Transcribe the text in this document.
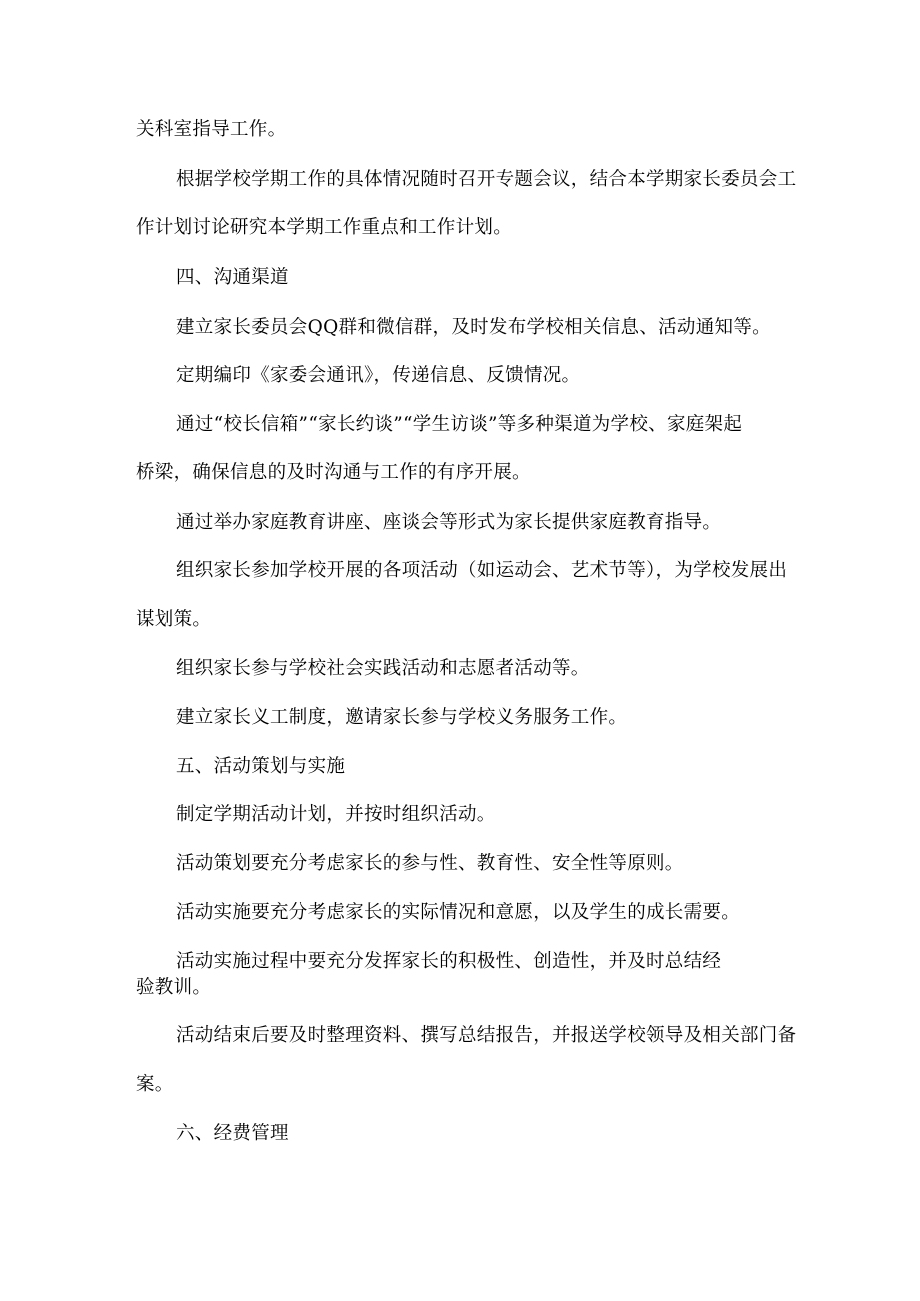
关科室指导工作。
根据学校学期工作的具体情况随时召开专题会议，结合本学期家长委员会工
作计划讨论研究本学期工作重点和工作计划。
四、沟通渠道
建立家长委员会QQ群和微信群，及时发布学校相关信息、活动通知等。
定期编印《家委会通讯》，传递信息、反馈情况。
通过“校长信箱”“家长约谈”“学生访谈”等多种渠道为学校、家庭架起
桥梁，确保信息的及时沟通与工作的有序开展。
通过举办家庭教育讲座、座谈会等形式为家长提供家庭教育指导。
组织家长参加学校开展的各项活动（如运动会、艺术节等），为学校发展出
谋划策。
组织家长参与学校社会实践活动和志愿者活动等。
建立家长义工制度，邀请家长参与学校义务服务工作。
五、活动策划与实施
制定学期活动计划，并按时组织活动。
活动策划要充分考虑家长的参与性、教育性、安全性等原则。
活动实施要充分考虑家长的实际情况和意愿，以及学生的成长需要。
活动实施过程中要充分发挥家长的积极性、创造性，并及时总结经
验教训。
活动结束后要及时整理资料、撰写总结报告，并报送学校领导及相关部门备
案。
六、经费管理
